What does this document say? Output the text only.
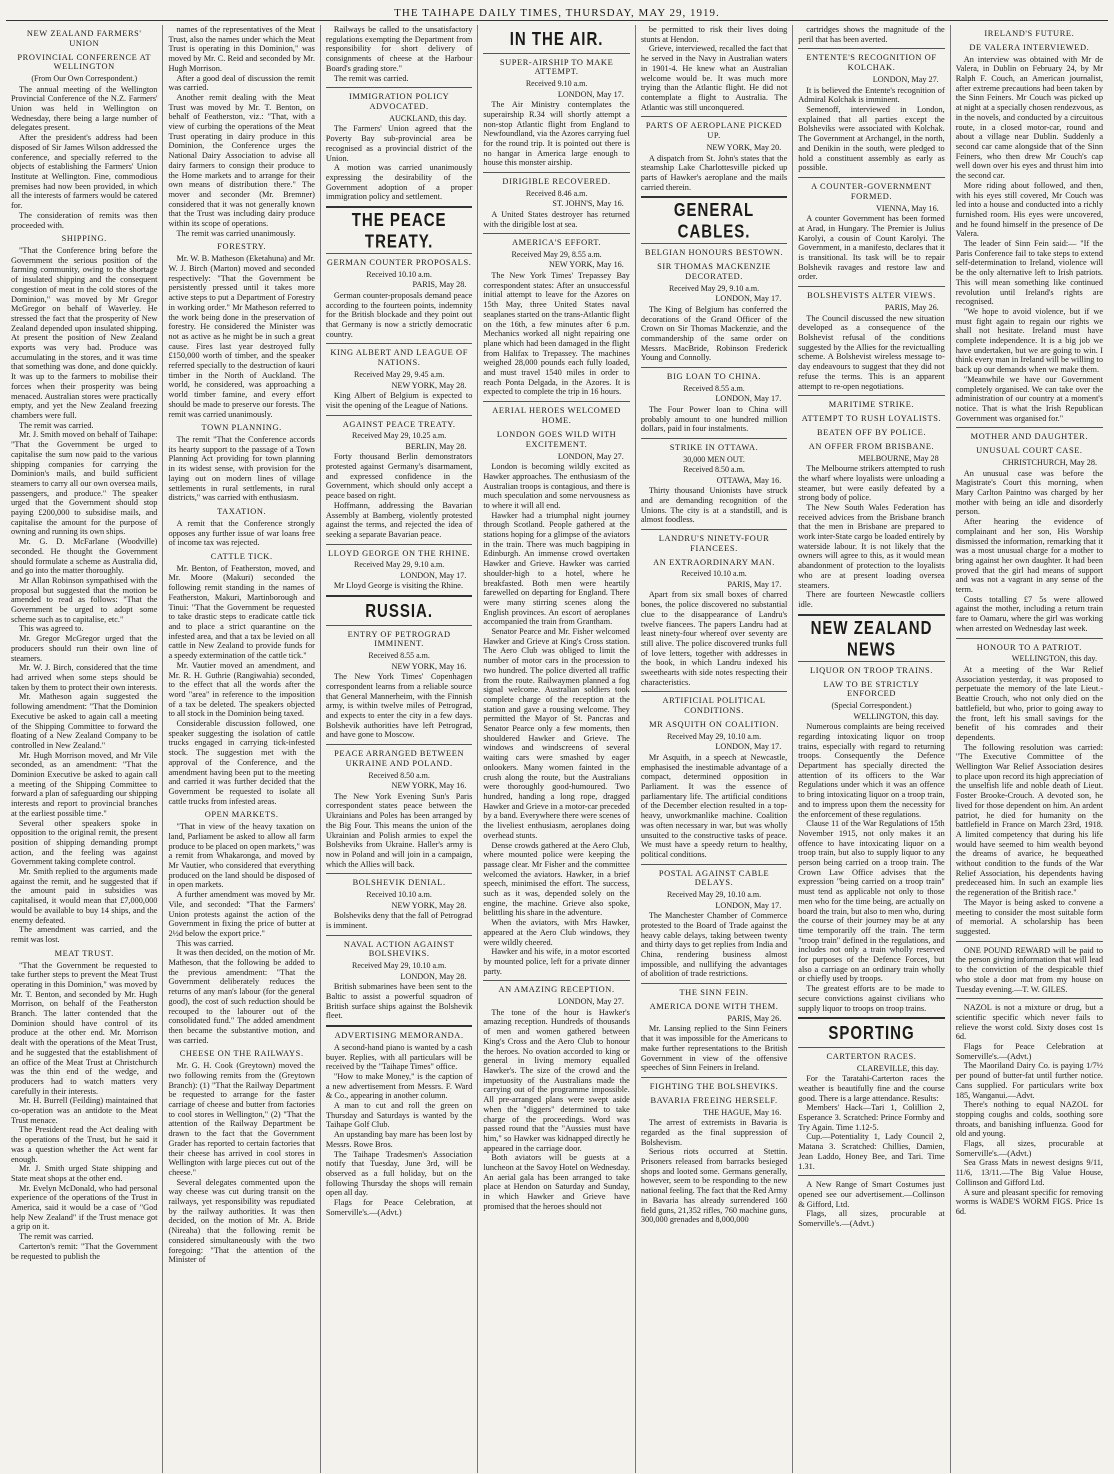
THE TAIHAPE DAILY TIMES, THURSDAY, MAY 29, 1919.
NEW ZEALAND FARMERS' UNION
PROVINCIAL CONFERENCE AT WELLINGTON
(From Our Own Correspondent.)

The annual meeting of the Wellington Provincial Conference of the N.Z. Farmers' Union was held in Wellington on Wednesday, there being a large number of delegates present.

After the president's address had been disposed of Sir James Wilson addressed the conference, and specially referred to the objects of establishing the Farmers' Union Institute at Wellington. Fine, commodious premises had now been provided, in which all the interests of farmers would be catered for.

The consideration of remits was then proceeded with.

SHIPPING.

"That the Conference bring before the Government the serious position of the farming community, owing to the shortage of insulated shipping and the consequent congestion of meat in the cold stores of the Dominion," was moved by Mr Gregor McGregor on behalf of Waverley. He stressed the fact that the prosperity of New Zealand depended upon insulated shipping. At present the position of New Zealand exports was very bad. Produce was accumulating in the stores, and it was time that something was done, and done quickly. It was up to the farmers to mobilise their forces when their prosperity was being menaced. Australian stores were practically empty, and yet the New Zealand freezing chambers were full.

The remit was carried.

Mr. J. Smith moved on behalf of Taihape: "That the Government be urged to capitalise the sum now paid to the various shipping companies for carrying the Dominion's mails, and build sufficient steamers to carry all our own oversea mails, passengers, and produce." The speaker urged that the Government should stop paying £200,000 to subsidise mails, and capitalise the amount for the purpose of owning and running its own ships.

Mr. G. D. McFarlane (Woodville) seconded. He thought the Government should formulate a scheme as Australia did, and go into the matter thoroughly.

Mr Allan Robinson sympathised with the proposal but suggested that the motion be amended to read as follows: "That the Government be urged to adopt some scheme such as to capitalise, etc."

This was agreed to.

Mr. Gregor McGregor urged that the producers should run their own line of steamers.

Mr. W. J. Birch, considered that the time had arrived when some steps should be taken by them to protect their own interests.

Mr. Matheson again suggested the following amendment: "That the Dominion Executive be asked to again call a meeting of the Shipping Committee to forward the floating of a New Zealand Company to be controlled in New Zealand."

Mr. Hugh Morrison moved, and Mr Vile seconded, as an amendment: "That the Dominion Executive be asked to again call a meeting of the Shipping Committee to forward a plan of safeguarding our shipping interests and report to provincial branches at the earliest possible time."

Several other speakers spoke in opposition to the original remit, the present position of shipping demanding prompt action, and the feeling was against Government taking complete control.

Mr. Smith replied to the arguments made against the remit, and he suggested that if the amount paid in subsidies was capitalised, it would mean that £7,000,000 would be available to buy 14 ships, and the enemy defeated.

The amendment was carried, and the remit was lost.

MEAT TRUST.

"That the Government be requested to take further steps to prevent the Meat Trust operating in this Dominion," was moved by Mr. T. Benton, and seconded by Mr. Hugh Morrison, on behalf of the Featherston Branch. The latter contended that the Dominion should have control of its produce at the other end. Mr. Morrison dealt with the operations of the Meat Trust, and he suggested that the establishment of an office of the Meat Trust at Christchurch was the thin end of the wedge, and producers had to watch matters very carefully in their interests.

Mr. H. Burrell (Feilding) maintained that co-operation was an antidote to the Meat Trust menace.

The President read the Act dealing with the operations of the Trust, but he said it was a question whether the Act went far enough.

Mr. J. Smith urged State shipping and State meat shops at the other end.

Mr. Evelyn McDonald, who had personal experience of the operations of the Trust in America, said it would be a case of "God help New Zealand" if the Trust menace got a grip on it.

The remit was carried.

Carterton's remit: "That the Government be requested to publish the

names of the representatives of the Meat Trust, also the names under which the Meat Trust is operating in this Dominion," was moved by Mr. C. Reid and seconded by Mr. Hugh Morrison.

After a good deal of discussion the remit was carried.

Another remit dealing with the Meat Trust was moved by Mr. T. Benton, on behalf of Featherston, viz.: "That, with a view of curbing the operations of the Meat Trust operating in dairy produce in this Dominion, the Conference urges the National Dairy Association to advise all dairy farmers to consign their produce to the Home markets and to arrange for their own means of distribution there." The mover and seconder (Mr. Bremner) considered that it was not generally known that the Trust was including dairy produce within its scope of operations.

The remit was carried unanimously.

FORESTRY.

Mr. W. B. Matheson (Eketahuna) and Mr. W. J. Birch (Marton) moved and seconded respectively: "That the Government be persistently pressed until it takes more active steps to put a Department of Forestry in working order." Mr Matheson referred to the work being done in the preservation of forestry. He considered the Minister was not as active as he might be in such a great cause. Fires last year destroyed fully £150,000 worth of timber, and the speaker referred specially to the destruction of kauri timber in the North of Auckland. The world, he considered, was approaching a world timber famine, and every effort should be made to preserve our forests. The remit was carried unanimously.

TOWN PLANNING.

The remit "That the Conference accords its hearty support to the passage of a Town Planning Act providing for town planning in its widest sense, with provision for the laying out on modern lines of village settlements in rural settlements, in rural districts," was carried with enthusiasm.

TAXATION.

A remit that the Conference strongly opposes any further issue of war loans free of income tax was rejected.

CATTLE TICK.

Mr. Benton, of Featherston, moved, and Mr. Moore (Makuri) seconded the following remit standing in the names of Featherston, Makuri, Martinborough and Tinui: "That the Government be requested to take drastic steps to eradicate cattle tick and to place a strict quarantine on the infested area, and that a tax be levied on all cattle in New Zealand to provide funds for a speedy extermination of the cattle tick."

Mr. Vautier moved an amendment, and Mr. R. H. Guthrie (Rangiwahia) seconded, to the effect that all the words after the word "area" in reference to the imposition of a tax be deleted. The speakers objected to all stock in the Dominion being taxed.

Considerable discussion followed, one speaker suggesting the isolation of cattle trucks engaged in carrying tick-infested stock. The suggestion met with the approval of the Conference, and the amendment having been put to the meeting and carried it was further decided that the Government be requested to isolate all cattle trucks from infested areas.

OPEN MARKETS.

"That in view of the heavy taxation on land, Parliament be asked to allow all farm produce to be placed on open markets," was a remit from Whakaronga, and moved by Mr Vautier, who considered that everything produced on the land should be disposed of in open markets.

A further amendment was moved by Mr. Vile, and seconded: "That the Farmers' Union protests against the action of the Government in fixing the price of butter at 2½d below the export price."

This was carried.

It was then decided, on the motion of Mr. Matheson, that the following be added to the previous amendment: "That the Government deliberately reduces the returns of any man's labour (for the general good), the cost of such reduction should be recouped to the labourer out of the consolidated fund." The added amendment then became the substantive motion, and was carried.

CHEESE ON THE RAILWAYS.

Mr. G. H. Cook (Greytown) moved the two following remits from the (Greytown Branch): (1) "That the Railway Department be requested to arrange for the faster carriage of cheese and butter from factories to cool stores in Wellington," (2) "That the attention of the Railway Department be drawn to the fact that the Government Grader has reported to certain factories that their cheese has arrived in cool stores in Wellington with large pieces cut out of the cheese."

Several delegates commented upon the way cheese was cut during transit on the railways, yet responsibility was repudiated by the railway authorities. It was then decided, on the motion of Mr. A. Bride (Nireaha) that the following remit be considered simultaneously with the two foregoing: "That the attention of the Minister of

Railways be called to the unsatisfactory regulations exempting the Department from responsibility for short delivery of consignments of cheese at the Harbour Board's grading store."

The remit was carried.

IMMIGRATION POLICY ADVOCATED.
AUCKLAND, this day.

The Farmers' Union agreed that the Poverty Bay sub-provincial area be recognised as a provincial district of the Union.

A motion was carried unanimously expressing the desirability of the Government adoption of a proper immigration policy and settlement.

THE PEACE TREATY.
GERMAN COUNTER PROPOSALS.
Received 10.10 a.m.
PARIS, May 28.

German counter-proposals demand peace according to the fourteen points, indemnity for the British blockade and they point out that Germany is now a strictly democratic country.

KING ALBERT AND LEAGUE OF NATIONS.
Received May 29, 9.45 a.m.
NEW YORK, May 28.

King Albert of Belgium is expected to visit the opening of the League of Nations.

AGAINST PEACE TREATY.
Received May 29, 10.25 a.m.
BERLIN, May 28.

Forty thousand Berlin demonstrators protested against Germany's disarmament, and expressed confidence in the Government, which should only accept a peace based on right.

Hoffmann, addressing the Bavarian Assembly at Bamberg, violently protested against the terms, and rejected the idea of seeking a separate Bavarian peace.

LLOYD GEORGE ON THE RHINE.
Received May 29, 9.10 a.m.
LONDON, May 17.

Mr Lloyd George is visiting the Rhine.

RUSSIA.
ENTRY OF PETROGRAD IMMINENT.
Received 8.55 a.m.
NEW YORK, May 16.

The New York Times' Copenhagen correspondent learns from a reliable source that General Mannerheim, with the Finnish army, is within twelve miles of Petrograd, and expects to enter the city in a few days. Bolshevik authorities have left Petrograd, and have gone to Moscow.

PEACE ARRANGED BETWEEN UKRAINE AND POLAND.
Received 8.50 a.m.
NEW YORK, May 16.

The New York Evening Sun's Paris correspondent states peace between the Ukrainians and Poles has been arranged by the Big Four. This means the union of the Ukrainian and Polish armies to expel the Bolsheviks from Ukraine. Haller's army is now in Poland and will join in a campaign, which the Allies will back.

BOLSHEVIK DENIAL.
Received 10.10 a.m.
NEW YORK, May 28.

Bolsheviks deny that the fall of Petrograd is imminent.

NAVAL ACTION AGAINST BOLSHEVIKS.
Received May 29, 10.10 a.m.
LONDON, May 28.

British submarines have been sent to the Baltic to assist a powerful squadron of British surface ships against the Bolshevik fleet.

ADVERTISING MEMORANDA.

A second-hand piano is wanted by a cash buyer. Replies, with all particulars will be received by the "Taihape Times" office.

"How to make Money," is the caption of a new advertisement from Messrs. F. Ward & Co., appearing in another column.

A man to cut and roll the green on Thursday and Saturdays is wanted by the Taihape Golf Club.

An upstanding bay mare has been lost by Messrs. Rowe Bros.

The Taihape Tradesmen's Association notify that Tuesday, June 3rd, will be observed as a full holiday, but on the following Thursday the shops will remain open all day.

Flags for Peace Celebration, at Somerville's.—(Advt.)

IN THE AIR.
SUPER-AIRSHIP TO MAKE ATTEMPT.
Received 9.10 a.m.
LONDON, May 17.

The Air Ministry contemplates the superairship R.34 will shortly attempt a non-stop Atlantic flight from England to Newfoundland, via the Azores carrying fuel for the round trip. It is pointed out there is no hangar in America large enough to house this monster airship.

DIRIGIBLE RECOVERED.
Received 8.46 a.m.
ST. JOHN'S, May 16.

A United States destroyer has returned with the dirigible lost at sea.

AMERICA'S EFFORT.
Received May 29, 8.55 a.m.
NEW YORK, May 16.

The New York Times' Trepassey Bay correspondent states: After an unsuccessful initial attempt to leave for the Azores on 15th May, three United States naval seaplanes started on the trans-Atlantic flight on the 16th, a few minutes after 6 p.m. Mechanics worked all night repairing one plane which had been damaged in the flight from Halifax to Trepassey. The machines weighed 28,000 pounds each fully loaded, and must travel 1540 miles in order to reach Ponta Delgada, in the Azores. It is expected to complete the trip in 16 hours.

AERIAL HEROES WELCOMED HOME.
LONDON GOES WILD WITH EXCITEMENT.
LONDON, May 27.

London is becoming wildly excited as Hawker approaches. The enthusiasm of the Australian troops is contagious, and there is much speculation and some nervousness as to where it will all end.

Hawker had a triumphal night journey through Scotland. People gathered at the stations hoping for a glimpse of the aviators in the train. There was much bagpiping in Edinburgh. An immense crowd overtaken Hawker and Grieve. Hawker was carried shoulder-high to a hotel, where he breakfasted. Both men were heartily farewelled on departing for England. There were many stirring scenes along the English provinces. An escort of aeroplanes accompanied the train from Grantham.

Senator Pearce and Mr. Fisher welcomed Hawker and Grieve at King's Cross station. The Aero Club was obliged to limit the number of motor cars in the procession to two hundred. The police diverted all traffic from the route. Railwaymen planned a fog signal welcome. Australian soldiers took complete charge of the reception at the station and gave a rousing welcome. They permitted the Mayor of St. Pancras and Senator Pearce only a few moments, then shouldered Hawker and Grieve. The windows and windscreens of several waiting cars were smashed by eager onlookers. Many women fainted in the crush along the route, but the Australians were thoroughly good-humoured. Two hundred, handing a long rope, dragged Hawker and Grieve in a motor-car preceded by a band. Everywhere there were scenes of the liveliest enthusiasm, aeroplanes doing overhead stunts.

Dense crowds gathered at the Aero Club, where mounted police were keeping the passage clear. Mr Fisher and the committee welcomed the aviators. Hawker, in a brief speech, minimised the effort. The success, such as it was, depended solely on the engine, the machine. Grieve also spoke, belittling his share in the adventure.

When the aviators, with Mrs Hawker, appeared at the Aero Club windows, they were wildly cheered.

Hawker and his wife, in a motor escorted by mounted police, left for a private dinner party.

AN AMAZING RECEPTION.
LONDON, May 27.

The tone of the hour is Hawker's amazing reception. Hundreds of thousands of men and women gathered between King's Cross and the Aero Club to honour the heroes. No ovation accorded to king or general in living memory equalled Hawker's. The size of the crowd and the impetuosity of the Australians made the carrying out of the programme impossible. All pre-arranged plans were swept aside when the "diggers" determined to take charge of the proceedings. Word was passed round that the "Aussies must have him," so Hawker was kidnapped directly he appeared in the carriage door.

Both aviators will be guests at a luncheon at the Savoy Hotel on Wednesday. An aerial gala has been arranged to take place at Hendon on Saturday and Sunday, in which Hawker and Grieve have promised that the heroes should not

be permitted to risk their lives doing stunts at Hendon.

Grieve, interviewed, recalled the fact that he served in the Navy in Australian waters in 1901-4. He knew what an Australian welcome would be. It was much more trying than the Atlantic flight. He did not contemplate a flight to Australia. The Atlantic was still unconquered.

PARTS OF AEROPLANE PICKED UP.
NEW YORK, May 20.

A dispatch from St. John's states that the steamship Lake Charlottesville picked up parts of Hawker's aeroplane and the mails carried therein.

GENERAL CABLES.
BELGIAN HONOURS BESTOWN.
SIR THOMAS MACKENZIE DECORATED.
Received May 29, 9.10 a.m.
LONDON, May 17.

The King of Belgium has conferred the decorations of the Grand Officer of the Crown on Sir Thomas Mackenzie, and the commandership of the same order on Messrs. MacBride, Robinson Frederick Young and Connolly.

BIG LOAN TO CHINA.
Received 8.55 a.m.
LONDON, May 17.

The Four Power loan to China will probably amount to one hundred million dollars, paid in four instalments.

STRIKE IN OTTAWA.
30,000 MEN OUT.
Received 8.50 a.m.
OTTAWA, May 16.

Thirty thousand Unionists have struck and are demanding recognition of the Unions. The city is at a standstill, and is almost foodless.

LANDRU'S NINETY-FOUR FIANCEES.
AN EXTRAORDINARY MAN.
Received 10.10 a.m.
PARIS, May 17.

Apart from six small boxes of charred bones, the police discovered no substantial clue to the disappearance of Landru's twelve fiancees. The papers Landru had at least ninety-four whereof over seventy are still alive. The police discovered trunks full of love letters, together with addresses in the book, in which Landru indexed his sweethearts with side notes respecting their characteristics.

ARTIFICIAL POLITICAL CONDITIONS.
MR ASQUITH ON COALITION.
Received May 29, 10.10 a.m.
LONDON, May 17.

Mr Asquith, in a speech at Newcastle, emphasised the inestimable advantage of a compact, determined opposition in Parliament. It was the essence of parliamentary life. The artificial conditions of the December election resulted in a top-heavy, unworkmanlike machine. Coalition was often necessary in war, but was wholly unsuited to the constructive tasks of peace. We must have a speedy return to healthy, political conditions.

POSTAL AGAINST CABLE DELAYS.
Received May 29, 10.10 a.m.
LONDON, May 17.

The Manchester Chamber of Commerce protested to the Board of Trade against the heavy cable delays, taking between twenty and thirty days to get replies from India and China, rendering business almost impossible, and nullifying the advantages of abolition of trade restrictions.

THE SINN FEIN.
AMERICA DONE WITH THEM.
PARIS, May 26.

Mr. Lansing replied to the Sinn Feiners that it was impossible for the Americans to make further representations to the British Government in view of the offensive speeches of Sinn Feiners in Ireland.

FIGHTING THE BOLSHEVIKS.
BAVARIA FREEING HERSELF.
THE HAGUE, May 16.

The arrest of extremists in Bavaria is regarded as the final suppression of Bolshevism.

Serious riots occurred at Stettin. Prisoners released from barracks besieged shops and looted some. Germans generally, however, seem to be responding to the new national feeling. The fact that the Red Army in Bavaria has already surrendered 160 field guns, 21,352 rifles, 760 machine guns, 300,000 grenades and 8,000,000

cartridges shows the magnitude of the peril that has been averted.

ENTENTE'S RECOGNITION OF KOLCHAK.
LONDON, May 27.

It is believed the Entente's recognition of Admiral Kolchak is imminent.

Semenoff, interviewed in London, explained that all parties except the Bolsheviks were associated with Kolchak. The Government at Archangel, in the north, and Denikin in the south, were pledged to hold a constituent assembly as early as possible.

A COUNTER-GOVERNMENT FORMED.
VIENNA, May 16.

A counter Government has been formed at Arad, in Hungary. The Premier is Julius Karolyi, a cousin of Count Karolyi. The Government, in a manifesto, declares that it is transitional. Its task will be to repair Bolshevik ravages and restore law and order.

BOLSHEVISTS ALTER VIEWS.
PARIS, May 26.

The Council discussed the new situation developed as a consequence of the Bolshevist refusal of the conditions suggested by the Allies for the revictualling scheme. A Bolshevist wireless message to-day endeavours to suggest that they did not refuse the terms. This is an apparent attempt to re-open negotiations.

MARITIME STRIKE.
ATTEMPT TO RUSH LOYALISTS.
BEATEN OFF BY POLICE.
AN OFFER FROM BRISBANE.
MELBOURNE, May 28

The Melbourne strikers attempted to rush the wharf where loyalists were unloading a steamer, but were easily defeated by a strong body of police.

The New South Wales Federation has received advices from the Brisbane branch that the men in Brisbane are prepared to work inter-State cargo be loaded entirely by waterside labour. It is not likely that the owners will agree to this, as it would mean abandonment of protection to the loyalists who are at present loading oversea steamers.

There are fourteen Newcastle colliers idle.

NEW ZEALAND NEWS
LIQUOR ON TROOP TRAINS.
LAW TO BE STRICTLY ENFORCED
(Special Correspondent.)
WELLINGTON, this day.

Numerous complaints are being received regarding intoxicating liquor on troop trains, especially with regard to returning troops. Consequently the Defence Department has specially directed the attention of its officers to the War Regulations under which it was an offence to bring intoxicating liquor on a troop train, and to impress upon them the necessity for the enforcement of these regulations.

Clause 11 of the War Regulations of 15th November 1915, not only makes it an offence to have intoxicating liquor on a troop train, but also to supply liquor to any person being carried on a troop train. The Crown Law Office advises that the expression "being carried on a troop train" must tend as applicable not only to those men who for the time being, are actually on board the train, but also to men who, during the course of their journey may be at any time temporarily off the train. The term "troop train" defined in the regulations, and includes not only a train wholly reserved for purposes of the Defence Forces, but also a carriage on an ordinary train wholly or chiefly used by troops.

The greatest efforts are to be made to secure convictions against civilians who supply liquor to troops on troop trains.

SPORTING
CARTERTON RACES.
CLAREVILLE, this day.

For the Taratahi-Carterton races the weather is beautifully fine and the course good. There is a large attendance. Results:

Members' Hack—Tari 1, Colillion 2, Esperance 3. Scratched: Prince Formby and Try Again. Time 1.12-5.

Cup.—Potentiality 1, Lady Council 2, Matana 3. Scratched: Chillies, Damien, Jean Laddo, Honey Bee, and Tari. Time 1.31.

A New Range of Smart Costumes just opened see our advertisement.—Collinson & Gifford, Ltd.

Flags, all sizes, procurable at Somerville's.—(Advt.)

IRELAND'S FUTURE.
DE VALERA INTERVIEWED.

An interview was obtained with Mr de Valera, in Dublin on February 24, by Mr Ralph F. Couch, an American journalist, after extreme precautions had been taken by the Sinn Feiners. Mr Couch was picked up at night at a specially chosen rendezvous, as in the novels, and conducted by a circuitous route, in a closed motor-car, round and about a village near Dublin. Suddenly a second car came alongside that of the Sinn Feiners, who then drew Mr Couch's cap well down over his eyes and thrust him into the second car.

More riding about followed, and then, with his eyes still covered, Mr Couch was led into a house and conducted into a richly furnished room. His eyes were uncovered, and he found himself in the presence of De Valera.

The leader of Sinn Fein said:— "If the Paris Conference fail to take steps to extend self-determination to Ireland, violence will be the only alternative left to Irish patriots. This will mean something like continued revolution until Ireland's rights are recognised.

"We hope to avoid violence, but if we must fight again to regain our rights we shall not hesitate. Ireland must have complete independence. It is a big job we have undertaken, but we are going to win. I think every man in Ireland will be willing to back up our demands when we make them.

"Meanwhile we have our Government completely organised. We can take over the administration of our country at a moment's notice. That is what the Irish Republican Government was organised for."

MOTHER AND DAUGHTER.
UNUSUAL COURT CASE.
CHRISTCHURCH, May 28.

An unusual case was before the Magistrate's Court this morning, when Mary Carlton Paintno was charged by her mother with being an idle and disorderly person.

After hearing the evidence of complainant and her son, His Worship dismissed the information, remarking that it was a most unusual charge for a mother to bring against her own daughter. It had been proved that the girl had means of support and was not a vagrant in any sense of the term.

Costs totalling £7 5s were allowed against the mother, including a return train fare to Oamaru, where the girl was working when arrested on Wednesday last week.

HONOUR TO A PATRIOT.
WELLINGTON, this day.

At a meeting of the War Relief Association yesterday, it was proposed to perpetuate the memory of the late Lieut.-Beattie Crouch, who not only died on the battlefield, but who, prior to going away to the front, left his small savings for the benefit of his comrades and their dependents.

The following resolution was carried: "The Executive Committee of the Wellington War Relief Association desires to place upon record its high appreciation of the unselfish life and noble death of Lieut. Foster Brooke-Crouch. A devoted son, he lived for those dependent on him. An ardent patriot, he died for humanity on the battlefield in France on March 23rd, 1918. A limited competency that during his life would have seemed to him wealth beyond the dreams of avarice, he bequeathed without condition to the funds of the War Relief Association, his dependents having predeceased him. In such an example lies the regeneration of the British race."

The Mayor is being asked to convene a meeting to consider the most suitable form of memorial. A scholarship has been suggested.

ONE POUND REWARD will be paid to the person giving information that will lead to the conviction of the despicable thief who stole a door mat from my house on Tuesday evening.—T. W. GILES.

NAZOL is not a mixture or drug, but a scientific specific which never fails to relieve the worst cold. Sixty doses cost 1s 6d.

Flags for Peace Celebration at Somerville's.—(Advt.)

The Maoriland Dairy Co. is paying 1/7½ per pound of butter-fat until further notice. Cans supplied. For particulars write box 185, Wanganui.—Advt.

There's nothing to equal NAZOL for stopping coughs and colds, soothing sore throats, and banishing influenza. Good for old and young.

Flags, all sizes, procurable at Somerville's.—(Advt.)

Sea Grass Mats in newest designs 9/11, 11/6, 13/11.—The Big Value House, Collinson and Gifford Ltd.

A sure and pleasant specific for removing worms is WADE'S WORM FIGS. Price 1s 6d.
